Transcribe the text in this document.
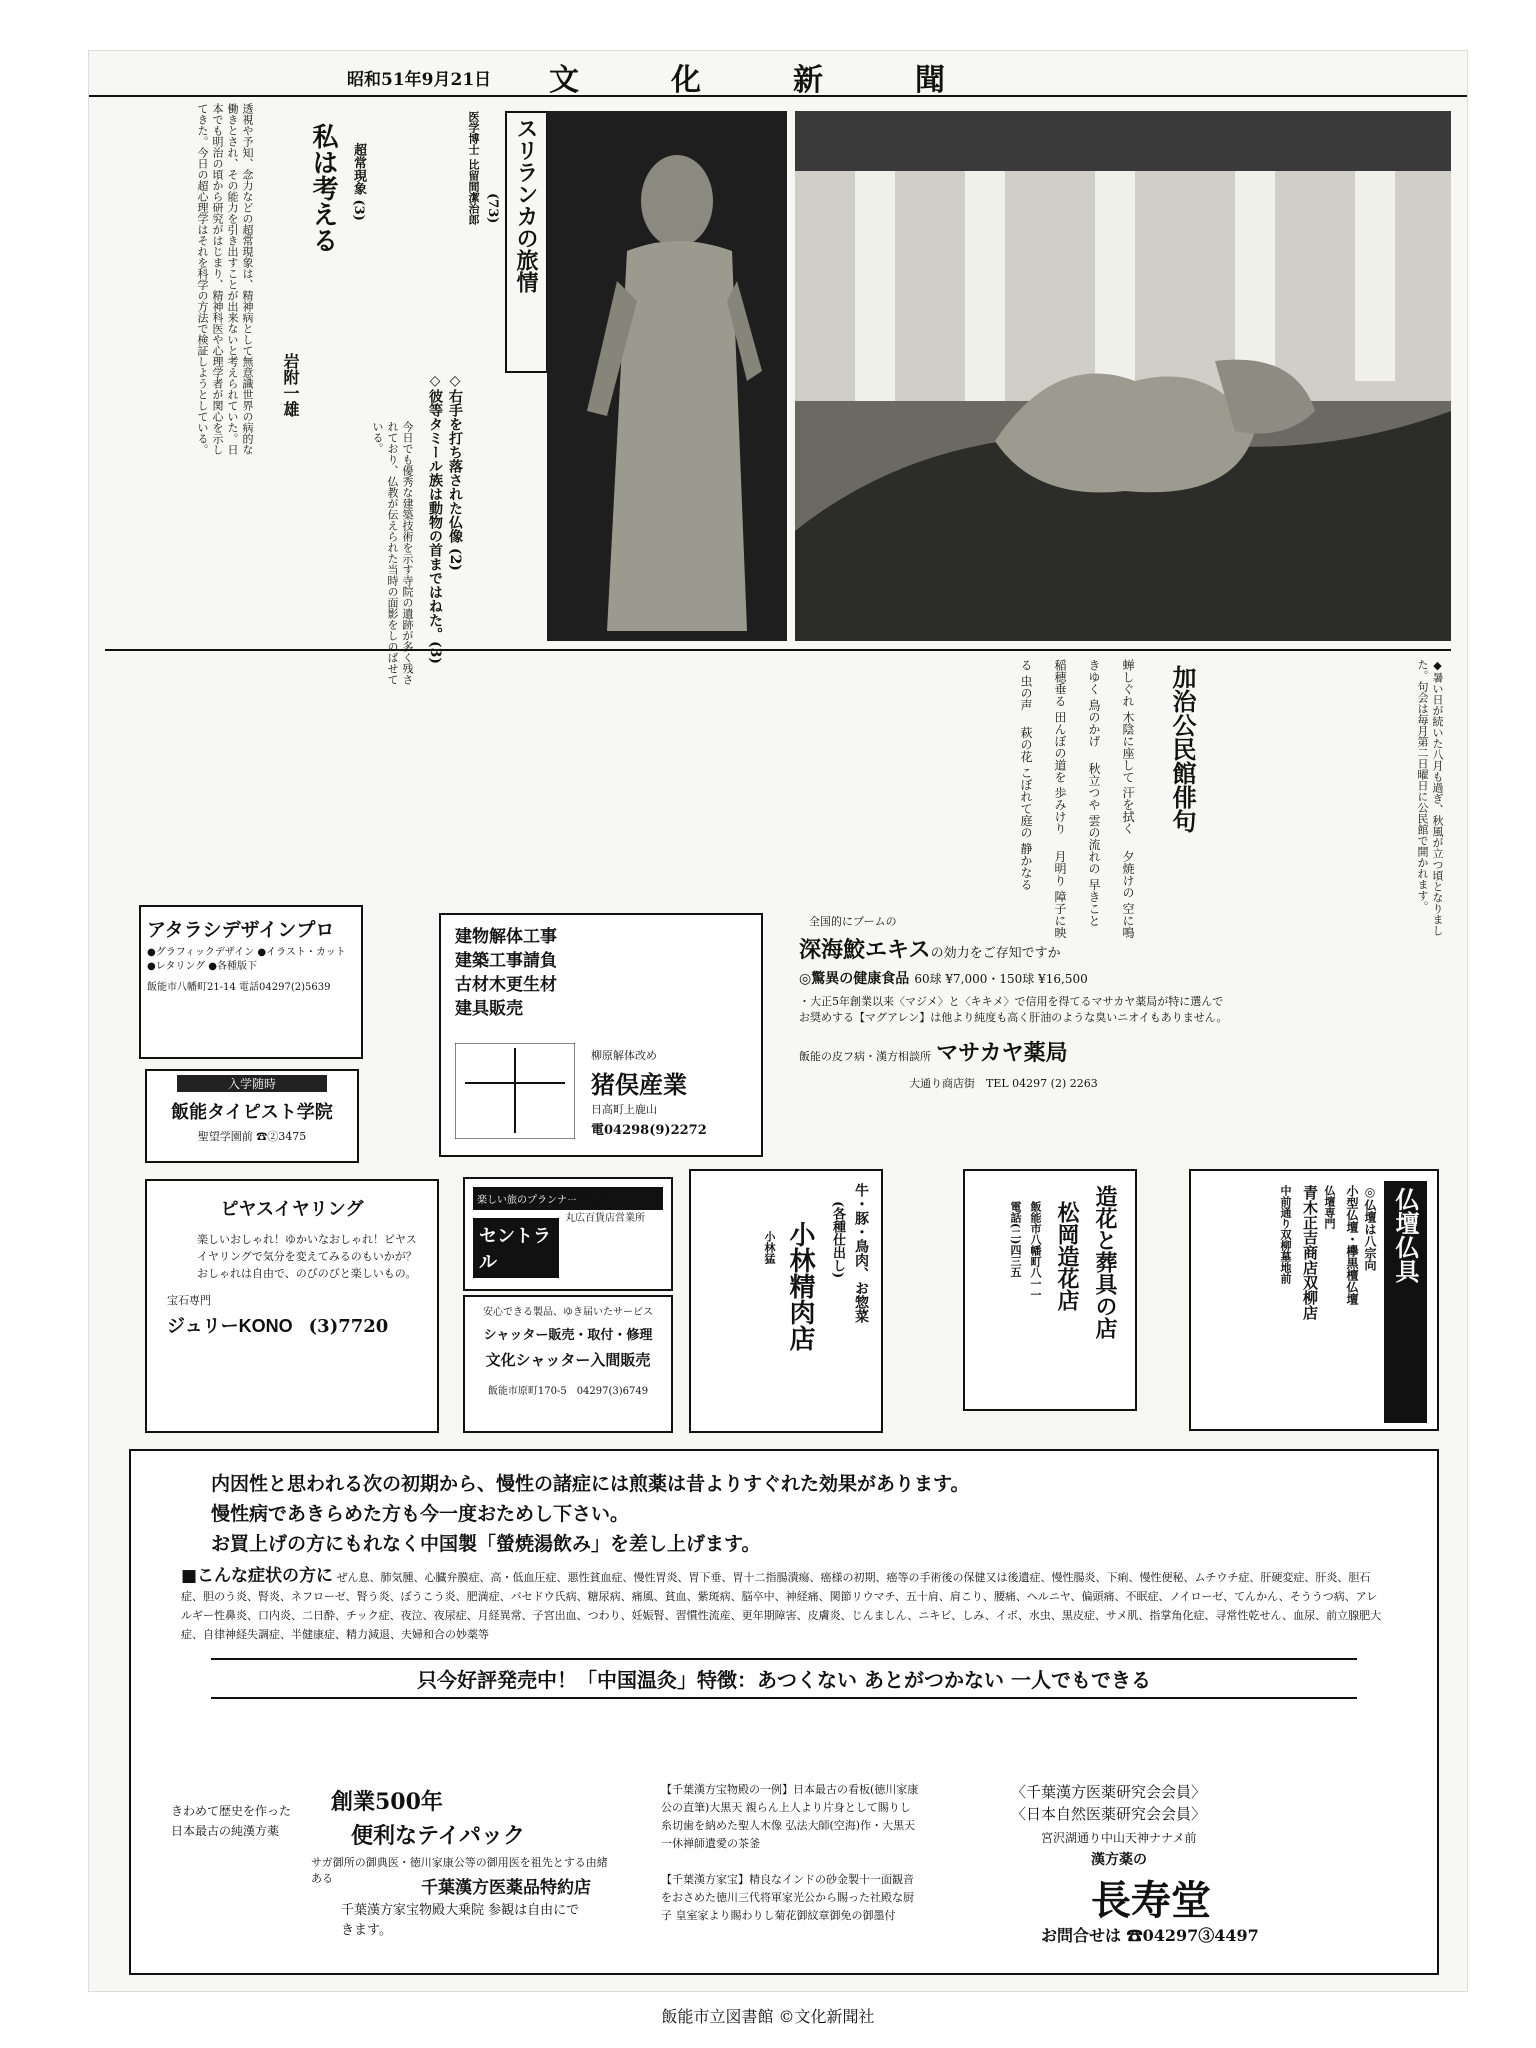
昭和51年9月21日 文化新聞
透視や予知、念力などの超常現象は、精神病として無意識世界の病的な働きとされ、その能力を引き出すことが出来ないと考えられていた。日本でも明治の頃から研究がはじまり、精神科医や心理学者が関心を示してきた。今日の超心理学はそれを科学の方法で検証しようとしている。	私は考える	超常現象 (3)
岩附一雄
スリランカの旅情
(73)
医学博士 比留間潔治郎
◇右手を打ち落された仏像 (2)
◇彼等タミール族は動物の首まではねた。(3)
今日でも優秀な建築技術を示す寺院の遺跡が多く残されており、仏教が伝えられた当時の面影をしのばせている。
加治公民館俳句	◆暑い日が続いた八月も過ぎ、秋風が立つ頃となりました。句会は毎月第二日曜日に公民館で開かれます。
蝉しぐれ 木陰に座して 汗を拭く　 夕焼けの 空に鳴きゆく 鳥のかげ　 秋立つや 雲の流れの 早きこと　 稲穂垂る 田んぼの道を 歩みけり　 月明り 障子に映る 虫の声　 萩の花 こぼれて庭の 静かなる
アタラシデザインプロ
●グラフィックデザイン ●イラスト・カット ●レタリング ●各種版下
飯能市八幡町21-14 電話04297(2)5639
入学随時
飯能タイピスト学院
聖望学園前 ☎②3475
建物解体工事
建築工事請負
古材木更生材
建具販売
柳原解体改め
猪俣産業
日高町上鹿山
電04298(9)2272
全国的にブームの
深海鮫エキスの効力をご存知ですか
◎驚異の健康食品 60球 ¥7,000・150球 ¥16,500
・大正5年創業以来〈マジメ〉と〈キキメ〉で信用を得てるマサカヤ薬局が特に選んでお奨めする【マグアレン】は他より純度も高く肝油のような臭いニオイもありません。
飯能の皮フ病・漢方相談所 マサカヤ薬局
大通り商店街　 TEL 04297 (2) 2263
ピヤスイヤリング
楽しいおしゃれ！ゆかいなおしゃれ！ピヤスイヤリングで気分を変えてみるのもいかが？おしゃれは自由で、のびのびと楽しいもの。
宝石専門
ジュリーKONO　 (3)7720
楽しい旅のプランナー
セントラル
全国観光公社
丸広百貨店営業所
安心できる製品、ゆき届いたサービス
シャッター販売・取付・修理
文化シャッター入間販売
飯能市原町170-5　 04297(3)6749
牛・豚・鳥肉、お惣菜
(各種仕出し)
小林精肉店
小林猛	造花と葬具の店
松岡造花店
飯能市八幡町八一一
電話(二)四三五	仏壇仏具
◎仏壇は八宗向
小型仏壇・欅黒檀仏壇
仏壇専門
青木正吉商店双柳店
中前通り双柳墓地前
内因性と思われる次の初期から、慢性の諸症には煎薬は昔よりすぐれた効果があります。
慢性病であきらめた方も今一度おためし下さい。
お買上げの方にもれなく中国製「螢焼湯飲み」を差し上げます。
■こんな症状の方に ぜん息、肺気腫、心臓弁膜症、高・低血圧症、悪性貧血症、慢性胃炎、胃下垂、胃十二指腸潰瘍、癌様の初期、癌等の手術後の保健又は後遺症、慢性腸炎、下痢、慢性便秘、ムチウチ症、肝硬変症、肝炎、胆石症、胆のう炎、腎炎、ネフローゼ、腎う炎、ぼうこう炎、肥満症、バセドウ氏病、糖尿病、痛風、貧血、紫斑病、脳卒中、神経痛、関節リウマチ、五十肩、肩こり、腰痛、ヘルニヤ、偏頭痛、不眠症、ノイローゼ、てんかん、そううつ病、アレルギー性鼻炎、口内炎、二日酔、チック症、夜泣、夜尿症、月経異常、子宮出血、つわり、妊娠腎、習慣性流産、更年期障害、皮膚炎、じんましん、ニキビ、しみ、イボ、水虫、黒皮症、サメ肌、指掌角化症、寻常性乾せん、血尿、前立腺肥大症、自律神経失調症、半健康症、精力減退、夫婦和合の妙薬等
只今好評発売中！「中国温灸」特徴：あつくない あとがつかない 一人でもできる
きわめて歴史を作った日本最古の純漢方薬
創業500年
便利なテイパック
サガ御所の御典医・徳川家康公等の御用医を祖先とする由緒ある	千葉漢方医薬品特約店
千葉漢方家宝物殿大乗院 参観は自由にできます。
【千葉漢方宝物殿の一例】日本最古の看板(徳川家康公の直筆)大黒天 親らん上人より片身として賜りし糸切歯を納めた聖人木像 弘法大師(空海)作・大黒天 一休禅師遺愛の茶釜
【千葉漢方家宝】精良なインドの砂金製十一面観音をおさめた徳川三代将軍家光公から賜った社殿な厨子 皇室家より賜わりし菊花御紋章御免の御墨付
〈千葉漢方医薬研究会会員〉
〈日本自然医薬研究会会員〉
宮沢湖通り中山天神ナナメ前
漢方薬の
長寿堂
お問合せは ☎04297③4497
飯能市立図書館 ©文化新聞社
